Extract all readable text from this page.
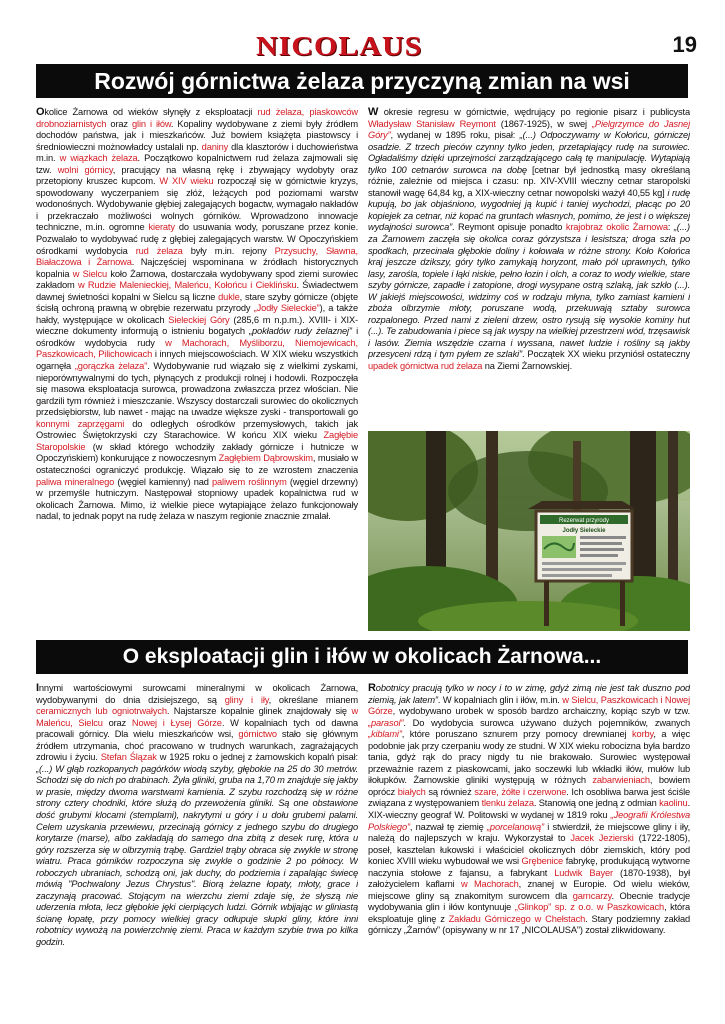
NICOLAUS	19
Rozwój górnictwa żelaza przyczyną zmian na wsi

Okolice Żarnowa od wieków słynęły z eksploatacji rud żelaza, piaskowców drobnoziarnistych oraz glin i iłów. Kopaliny wydobywane z ziemi były źródłem dochodów państwa, jak i mieszkańców. Już bowiem książęta piastowscy i średniowieczni możnowładcy ustalali np. daniny dla klasztorów i duchowieństwa m.in. w wiązkach żelaza. Początkowo kopalnictwem rud żelaza zajmowali się tzw. wolni górnicy, pracujący na własną rękę i zbywający wydobyty oraz przetopiony kruszec kupcom. W XIV wieku rozpoczął się w górnictwie kryzys, spowodowany wyczerpaniem się złóż, leżących pod poziomami warstw wodonośnych. Wydobywanie głębiej zalegających bogactw, wymagało nakładów i przekraczało możliwości wolnych górników. Wprowadzono innowacje techniczne, m.in. ogromne kieraty do usuwania wody, poruszane przez konie. Pozwalało to wydobywać rudę z głębiej zalegających warstw. W Opoczyńskiem ośrodkami wydobycia rud żelaza były m.in. rejony Przysuchy, Sławna, Białaczowa i Żarnowa. Najczęściej wspominana w źródłach historycznych kopalnia w Sielcu koło Żarnowa, dostarczała wydobywany spod ziemi surowiec zakładom w Rudzie Malenieckiej, Maleńcu, Kołońcu i Cieklińsku. Świadectwem dawnej świetności kopalni w Sielcu są liczne dukle, stare szyby górnicze (objęte ścisłą ochroną prawną w obrębie rezerwatu przyrody „Jodły Sieleckie”), a także hałdy, występujące w okolicach Sieleckiej Góry (285,6 m n.p.m.). XVIII- i XIX-wieczne dokumenty informują o istnieniu bogatych „pokładów rudy żelaznej” i ośrodków wydobycia rudy w Machorach, Myśliborzu, Niemojewicach, Paszkowicach, Pilichowicach i innych miejscowościach. W XIX wieku wszystkich ogarnęła „gorączka żelaza”. Wydobywanie rud wiązało się z wielkimi zyskami, nieporównywalnymi do tych, płynących z produkcji rolnej i hodowli. Rozpoczęła się masowa eksploatacja surowca, prowadzona zwłaszcza przez włościan. Nie gardzili tym również i mieszczanie. Wszyscy dostarczali surowiec do okolicznych przedsiębiorstw, lub nawet - mając na uwadze większe zyski - transportowali go konnymi zaprzęgami do odległych ośrodków przemysłowych, takich jak Ostrowiec Świętokrzyski czy Starachowice. W końcu XIX wieku Zagłębie Staropolskie (w skład którego wchodziły zakłady górnicze i hutnicze w Opoczyńskiem) konkurujące z nowoczesnym Zagłębiem Dąbrowskim, musiało w ostateczności ograniczyć produkcję. Wiązało się to ze wzrostem znaczenia paliwa mineralnego (węgiel kamienny) nad paliwem roślinnym (węgiel drzewny) w przemyśle hutniczym. Następował stopniowy upadek kopalnictwa rud w okolicach Żarnowa. Mimo, iż wielkie piece wytapiające żelazo funkcjonowały nadal, to jednak popyt na rudę żelaza w naszym regionie znacznie zmalał.

W okresie regresu w górnictwie, wędrujący po regionie pisarz i publicysta Władysław Stanisław Reymont (1867-1925), w swej „Pielgrzymce do Jasnej Góry”, wydanej w 1895 roku, pisał: „(...) Odpoczywamy w Kołońcu, górniczej osadzie. Z trzech pieców czynny tylko jeden, przetapiający rudę na surowiec. Ogładaliśmy dzięki uprzejmości zarządzającego całą tę manipulację. Wytapiają tylko 100 cetnarów surowca na dobę [cetnar był jednostką masy określaną różnie, zależnie od miejsca i czasu: np. XIV-XVIII wieczny cetnar staropolski stanowił wagę 64,84 kg, a XIX-wieczny cetnar nowopolski ważył 40,55 kg] i rudę kupują, bo jak objaśniono, wygodniej ją kupić i taniej wychodzi, płacąc po 20 kopiejek za cetnar, niż kopać na gruntach własnych, pomimo, że jest i o większej wydajności surowca”. Reymont opisuje ponadto krajobraz okolic Żarnowa: „(...) za Żarnowem zaczęła się okolica coraz górzystsza i lesistsza; droga szła po spodkach, przecinała głębokie doliny i kołowała w różne strony. Koło Kołońca kraj jeszcze dzikszy, góry tylko zamykają horyzont, mało pól uprawnych, tylko lasy, zarośla, topiele i łąki niskie, pełno łozin i olch, a coraz to wody wielkie, stare szyby górnicze, zapadłe i zatopione, drogi wysypane ostrą szlaką, jak szkło (...). W jakiejś miejscowości, widzimy coś w rodzaju młyna, tylko zamiast kamieni i zboża olbrzymie młoty, poruszane wodą, przekuwają sztaby surowca rozpalonego. Przed nami z zieleni drzew, ostro rysują się wysokie kominy hut (...). Te zabudowania i piece są jak wyspy na wielkiej przestrzeni wód, trzęsawisk i lasów. Ziemia wszędzie czarna i wyssana, nawet ludzie i rośliny są jakby przesyceni rdzą i tym pyłem ze szlaki”. Początek XX wieku przyniósł ostateczny upadek górnictwa rud żelaza na Ziemi Żarnowskiej.

Rezerwat przyrody
Jodły Sieleckie
O eksploatacji glin i iłów w okolicach Żarnowa...

Innymi wartościowymi surowcami mineralnymi w okolicach Żarnowa, wydobywanymi do dnia dzisiejszego, są gliny i iły, określane mianem ceramicznych lub ogniotrwałych. Najstarsze kopalnie glinek znajdowały się w Maleńcu, Sielcu oraz Nowej i Łysej Górze. W kopalniach tych od dawna pracowali górnicy. Dla wielu mieszkańców wsi, górnictwo stało się głównym źródłem utrzymania, choć pracowano w trudnych warunkach, zagrażających zdrowiu i życiu. Stefan Ślązak w 1925 roku o jednej z żarnowskich kopalń pisał: „(...) W głąb rozkopanych pagórków wiodą szyby, głębokie na 25 do 30 metrów. Schodzi się do nich po drabinach. Żyła gliniki, gruba na 1,70 m znajduje się jakby w prasie, między dwoma warstwami kamienia. Z szybu rozchodzą się w różne strony cztery chodniki, które służą do przewożenia gliniki. Są one obstawione dość grubymi klocami (stemplami), nakrytymi u góry i u dołu grubemi palami. Celem uzyskania przewiewu, przecinają górnicy z jednego szybu do drugiego korytarze (marse), albo zakładają do samego dna zbitą z desek rurę, która u góry rozszerza się w olbrzymią trąbę. Gardziel trąby obraca się zwykle w stronę wiatru. Praca górników rozpoczyna się zwykle o godzinie 2 po północy. W roboczych ubraniach, schodzą oni, jak duchy, do podziemia i zapalając świecę mówią "Pochwalony Jezus Chrystus". Biorą żelazne łopaty, młoty, grace i zaczynają pracować. Stojącym na wierzchu ziemi zdaje się, że słyszą nie uderzenia młota, lecz głębokie jęki cierpiących ludzi. Górnik wbijając w gliniastą ścianę łopatę, przy pomocy wielkiej gracy odłupuje słupki gliny, które inni robotnicy wywożą na powierzchnię ziemi. Praca w każdym szybie trwa po kilka godzin.

Robotnicy pracują tylko w nocy i to w zimę, gdyż zimą nie jest tak duszno pod ziemią, jak latem”. W kopalniach glin i iłów, m.in. w Sielcu, Paszkowicach i Nowej Górze, wydobywano urobek w sposób bardzo archaiczny, kopiąc szyb w tzw. „parasol”. Do wydobycia surowca używano dużych pojemników, zwanych „kiblami”, które poruszano sznurem przy pomocy drewnianej korby, a więc podobnie jak przy czerpaniu wody ze studni. W XIX wieku robocizna była bardzo tania, gdyż rąk do pracy nigdy tu nie brakowało. Surowiec występował przeważnie razem z piaskowcami, jako soczewki lub wkładki iłów, mułów lub iłołupków. Żarnowskie gliniki występują w różnych zabarwieniach, bowiem oprócz białych są również szare, żółte i czerwone. Ich osobliwa barwa jest ściśle związana z występowaniem tlenku żelaza. Stanowią one jedną z odmian kaolinu. XIX-wieczny geograf W. Politowski w wydanej w 1819 roku „Jeografii Królestwa Polskiego”, nazwał tę ziemię „porcelanową” i stwierdził, że miejscowe gliny i iły, należą do najlepszych w kraju. Wykorzystał to Jacek Jezierski (1722-1805), poseł, kasztelan łukowski i właściciel okolicznych dóbr ziemskich, który pod koniec XVIII wieku wybudował we wsi Grębenice fabrykę, produkującą wytworne naczynia stołowe z fajansu, a fabrykant Ludwik Bayer (1870-1938), był założycielem kaflarni w Machorach, znanej w Europie. Od wielu wieków, miejscowe gliny są znakomitym surowcem dla garncarzy. Obecnie tradycje wydobywania glin i iłów kontynuuje „Glinkop” sp. z o.o. w Paszkowicach, która eksploatuje glinę z Zakładu Górniczego w Chełstach. Stary podziemny zakład górniczy „Żarnów” (opisywany w nr 17 „NICOLAUSA”) został zlikwidowany.
